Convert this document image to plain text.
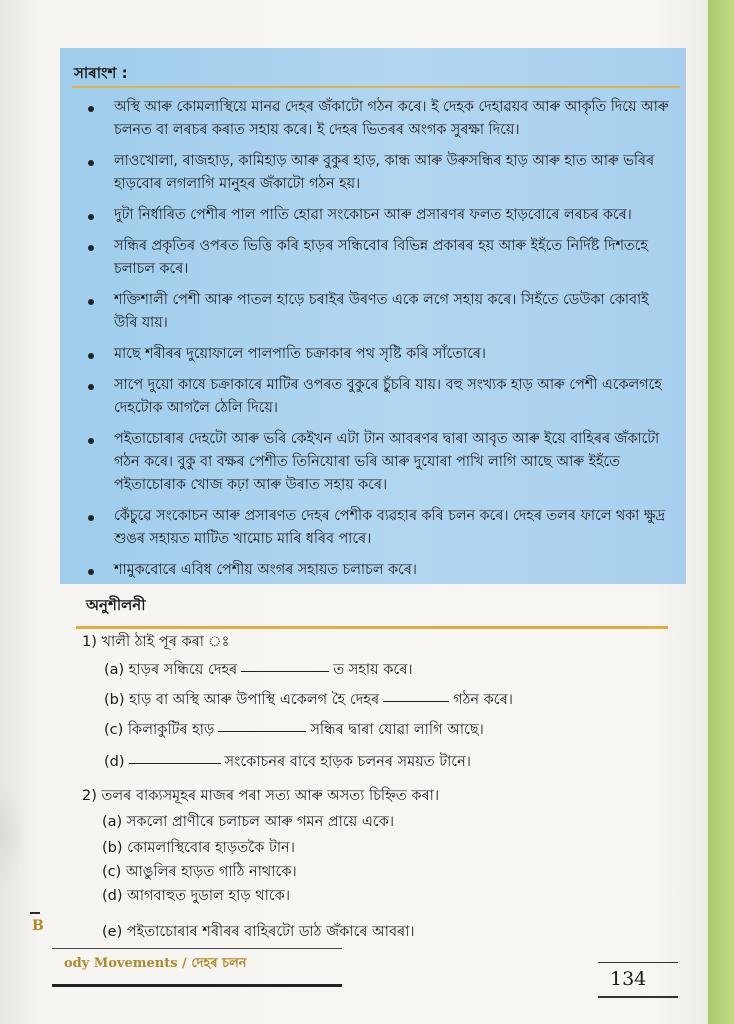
সাৰাংশ :
অস্থি আৰু কোমলাস্থিয়ে মানৱ দেহৰ জঁকাটো গঠন কৰে। ই দেহক দেহাৱয়ব আৰু আকৃতি দিয়ে আৰু চলনত বা লৰচৰ কৰাত সহায় কৰে। ই দেহৰ ভিতৰৰ অংগক সুৰক্ষা দিয়ে।
লাওখোলা, ৰাজহাড়, কামিহাড় আৰু বুকুৰ হাড়, কান্ধ আৰু উৰুসন্ধিৰ হাড় আৰু হাত আৰু ভৰিৰ হাড়বোৰ লগলাগি মানুহৰ জঁকাটো গঠন হয়।
দুটা নির্ধাৰিত পেশীৰ পাল পাতি হোৱা সংকোচন আৰু প্ৰসাৰণৰ ফলত হাড়বোৰে লৰচৰ কৰে।
সন্ধিৰ প্ৰকৃতিৰ ওপৰত ভিত্তি কৰি হাড়ৰ সন্ধিবোৰ বিভিন্ন প্ৰকাৰৰ হয় আৰু ইহঁতে নির্দিষ্ট দিশতহে চলাচল কৰে।
শক্তিশালী পেশী আৰু পাতল হাড়ে চৰাইৰ উৰণত একে লগে সহায় কৰে। সিহঁতে ডেউকা কোবাই উৰি যায়।
মাছে শৰীৰৰ দুয়োফালে পালপাতি চক্ৰাকাৰ পথ সৃষ্টি কৰি সাঁতোৰে।
সাপে দুয়ো কাষে চক্ৰাকাৰে মাটিৰ ওপৰত বুকুৰে চুঁচৰি যায়। বহু সংখ্যক হাড় আৰু পেশী একেলগহে দেহটোক আগলৈ ঠেলি দিয়ে।
পইতাচোৰাৰ দেহটো আৰু ভৰি কেইখন এটা টান আবৰণৰ দ্বাৰা আবৃত আৰু ইয়ে বাহিৰৰ জঁকাটো গঠন কৰে। বুকু বা বক্ষৰ পেশীত তিনিযোৰা ভৰি আৰু দুযোৰা পাখি লাগি আছে আৰু ইহঁতে পইতাচোৰাক খোজ কঢ়া আৰু উৰাত সহায় কৰে।
কেঁচুৱে সংকোচন আৰু প্ৰসাৰণত দেহৰ পেশীক ব্যৱহাৰ কৰি চলন কৰে। দেহৰ তলৰ ফালে থকা ক্ষুদ্ৰ শুঙৰ সহায়ত মাটিত খামোচ মাৰি ধৰিব পাৰে।
শামুকবোৰে এবিধ পেশীয় অংগৰ সহায়ত চলাচল কৰে।
অনুশীলনী
1) খালী ঠাই পূৰ কৰা ঃ
(a) হাড়ৰ সন্ধিয়ে দেহৰ	ত সহায় কৰে।
(b) হাড় বা অস্থি আৰু উপাস্থি একেলগ হৈ দেহৰ	গঠন কৰে।
(c) কিলাকুটিৰ হাড়	সন্ধিৰ দ্বাৰা যোৱা লাগি আছে।
(d)	সংকোচনৰ বাবে হাড়ক চলনৰ সময়ত টানে।
2) তলৰ বাক্যসমূহৰ মাজৰ পৰা সত্য আৰু অসত্য চিহ্নিত কৰা।
(a) সকলো প্ৰাণীৰে চলাচল আৰু গমন প্ৰায়ে একে।
(b) কোমলাস্থিবোৰ হাড়তকৈ টান।
(c) আঙুলিৰ হাড়ত গাঠি নাথাকে।
(d) আগবাহুত দুডাল হাড় থাকে।
(e) পইতাচোৰাৰ শৰীৰৰ বাহিৰটো ডাঠ জঁকাৰে আবৰা।
B
ody Movements / দেহৰ চলন
134
